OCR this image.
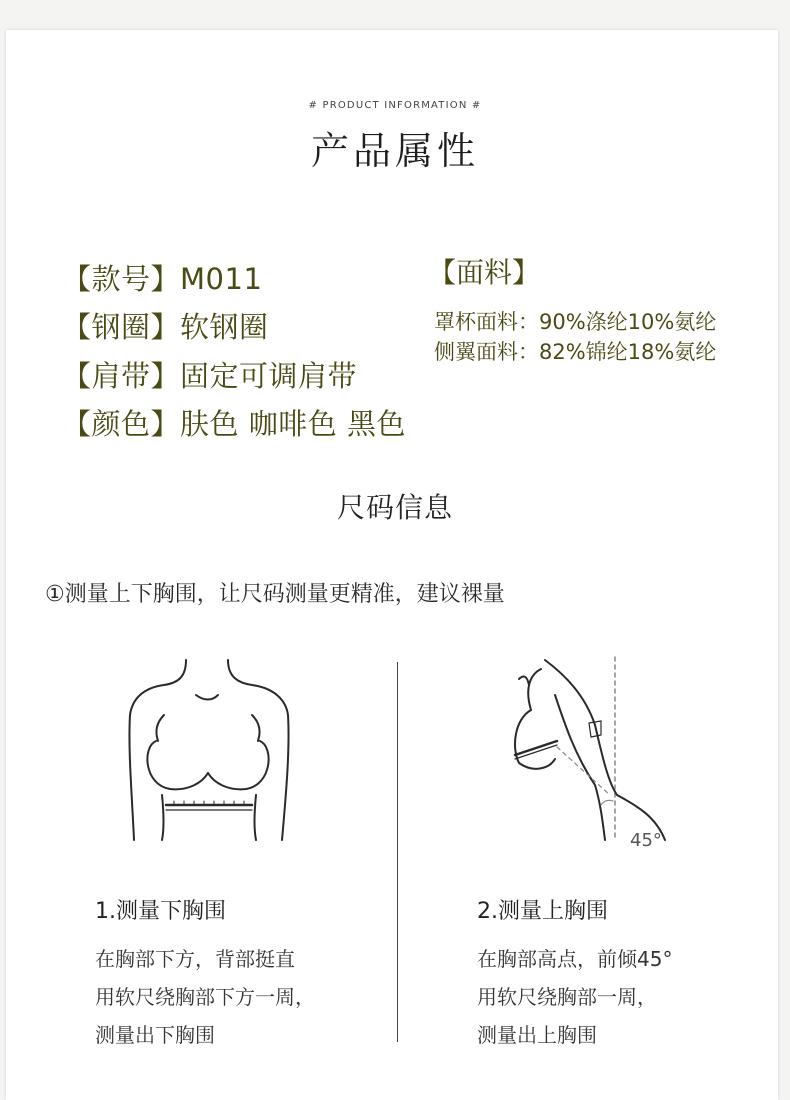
# PRODUCT INFORMATION #
产品属性
【款号】M011
【钢圈】软钢圈
【肩带】固定可调肩带
【颜色】肤色 咖啡色 黑色
【面料】
罩杯面料：90%涤纶10%氨纶
侧翼面料：82%锦纶18%氨纶
尺码信息
①测量上下胸围，让尺码测量更精准，建议裸量
45°
1.测量下胸围
在胸部下方，背部挺直
用软尺绕胸部下方一周，
测量出下胸围
2.测量上胸围
在胸部高点，前倾45°
用软尺绕胸部一周，
测量出上胸围
